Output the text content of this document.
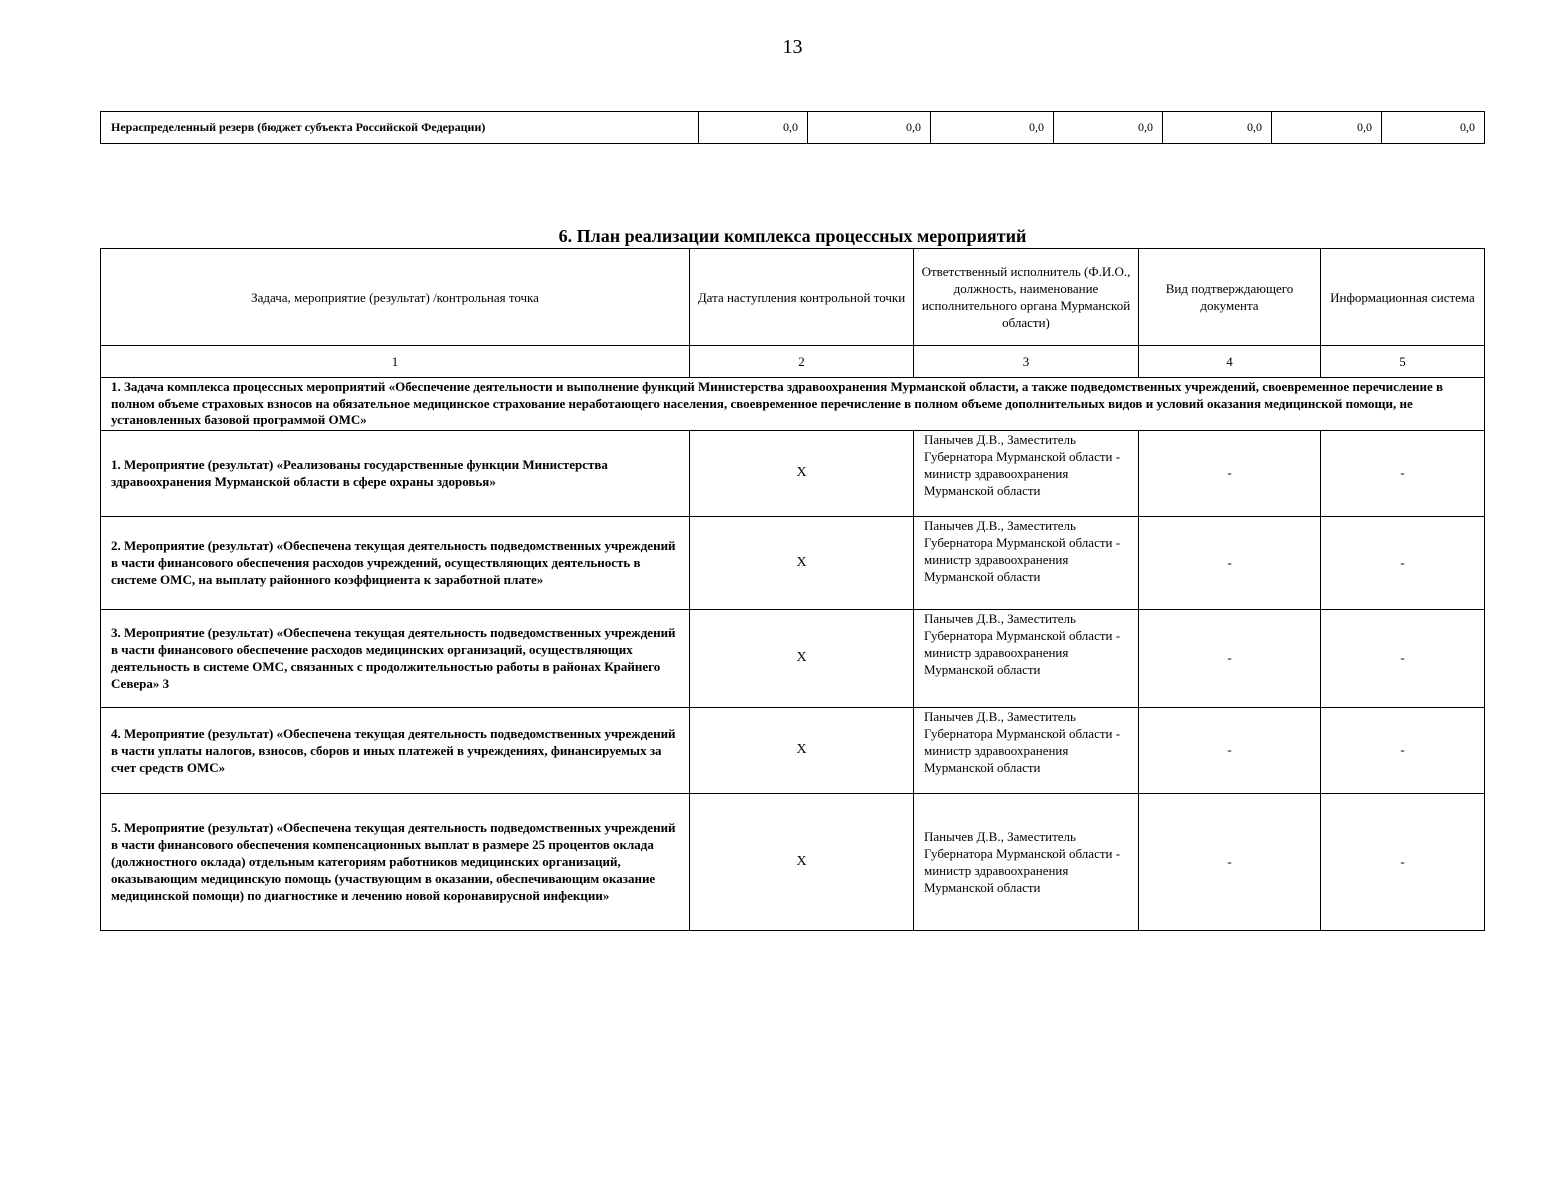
13
Нераспределенный резерв (бюджет субъекта Российской Федерации)	0,0	0,0	0,0	0,0	0,0	0,0	0,0
6. План реализации комплекса процессных мероприятий
Задача, мероприятие (результат) /контрольная точка	Дата наступления контрольной точки	Ответственный исполнитель (Ф.И.О., должность, наименование исполнительного органа Мурманской области)	Вид подтверждающего документа	Информационная система
1	2	3	4	5
1. Задача комплекса процессных мероприятий «Обеспечение деятельности и выполнение функций Министерства здравоохранения Мурманской области, а также подведомственных учреждений, своевременное перечисление в полном объеме страховых взносов на обязательное медицинское страхование неработающего населения, своевременное перечисление в полном объеме дополнительных видов и условий оказания медицинской помощи, не установленных базовой программой ОМС»				
1. Мероприятие (результат) «Реализованы государственные функции Министерства здравоохранения Мурманской области в сфере охраны здоровья»	X	Панычев Д.В., Заместитель Губернатора Мурманской области - министр здравоохранения Мурманской области	-	-
2. Мероприятие (результат) «Обеспечена текущая деятельность подведомственных учреждений в части финансового обеспечения расходов учреждений, осуществляющих деятельность в системе ОМС, на выплату районного коэффициента к заработной плате»	X	Панычев Д.В., Заместитель Губернатора Мурманской области - министр здравоохранения Мурманской области	-	-
3. Мероприятие (результат) «Обеспечена текущая деятельность подведомственных учреждений в части финансового обеспечение расходов медицинских организаций, осуществляющих деятельность в системе ОМС, связанных с продолжительностью работы в районах Крайнего Севера» 3	X	Панычев Д.В., Заместитель Губернатора Мурманской области - министр здравоохранения Мурманской области	-	-
4. Мероприятие (результат) «Обеспечена текущая деятельность подведомственных учреждений в части уплаты налогов, взносов, сборов и иных платежей в учреждениях, финансируемых за счет средств ОМС»	X	Панычев Д.В., Заместитель Губернатора Мурманской области - министр здравоохранения Мурманской области	-	-
5. Мероприятие (результат) «Обеспечена текущая деятельность подведомственных учреждений в части финансового обеспечения компенсационных выплат в размере 25 процентов оклада (должностного оклада) отдельным категориям работников медицинских организаций, оказывающим медицинскую помощь (участвующим в оказании, обеспечивающим оказание медицинской помощи) по диагностике и лечению новой коронавирусной инфекции»	X	Панычев Д.В., Заместитель Губернатора Мурманской области - министр здравоохранения Мурманской области	-	-
